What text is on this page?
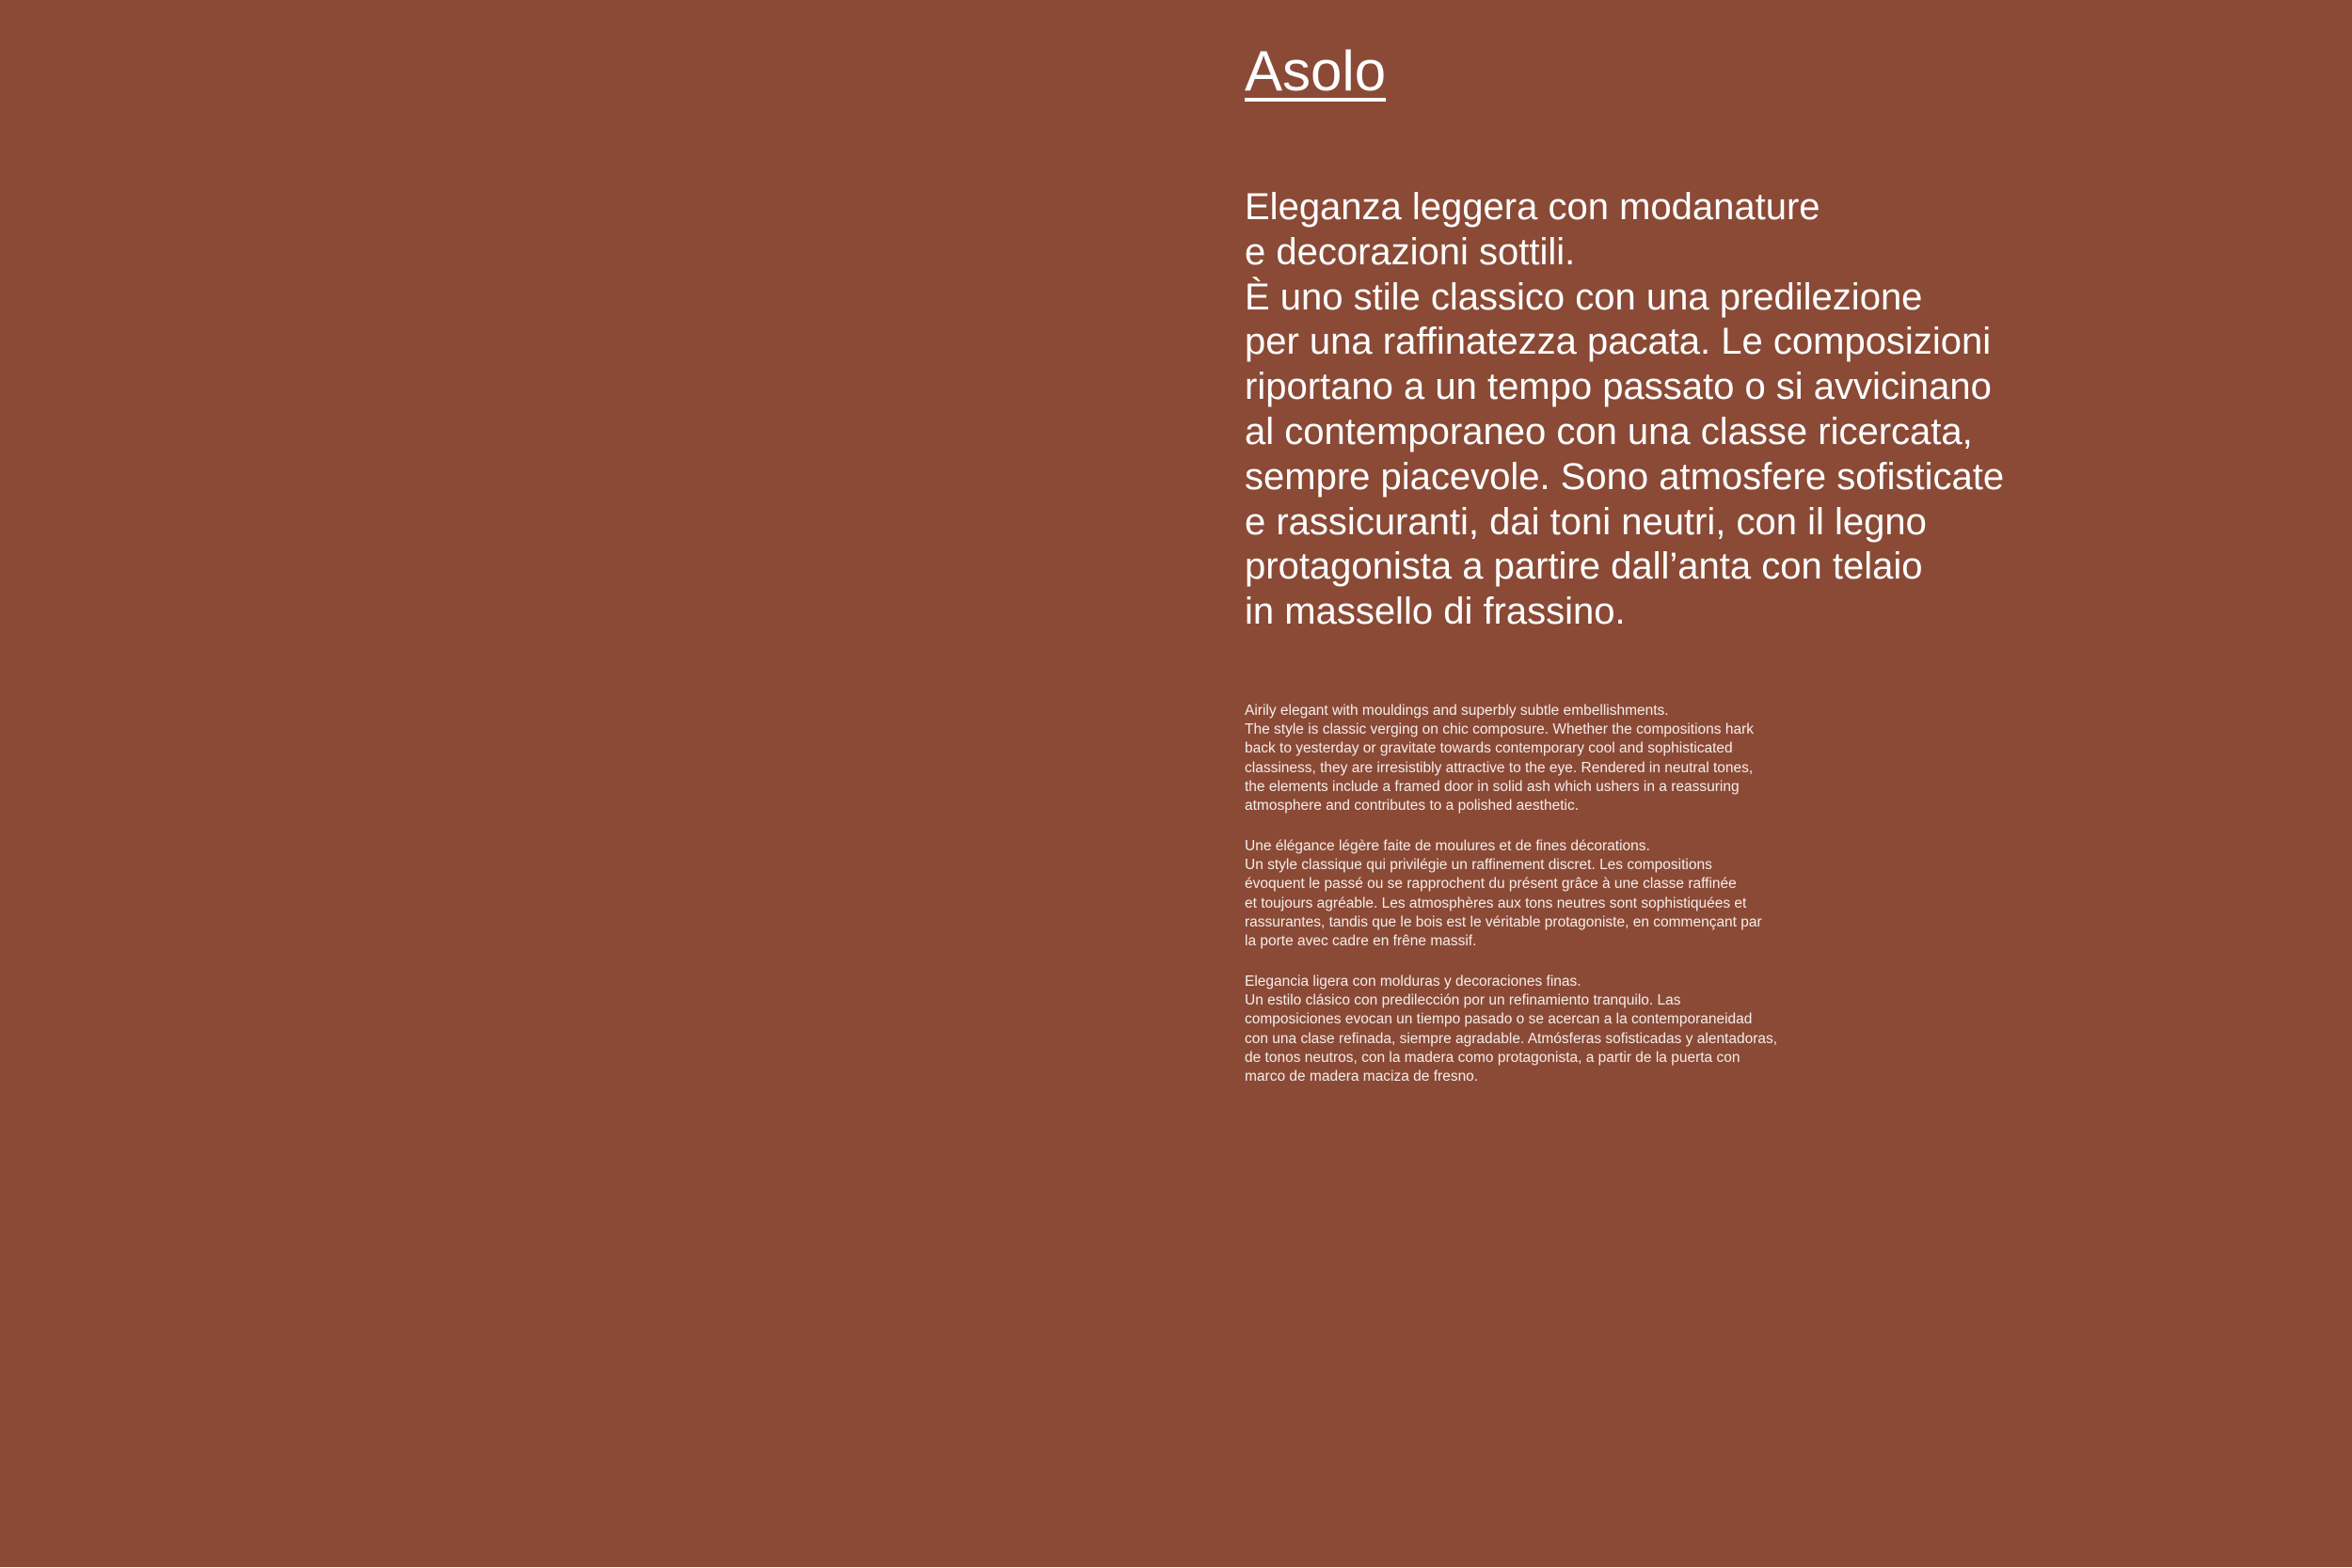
Asolo

Eleganza leggera con modanature
e decorazioni sottili.
È uno stile classico con una predilezione
per una raffinatezza pacata. Le composizioni
riportano a un tempo passato o si avvicinano
al contemporaneo con una classe ricercata,
sempre piacevole. Sono atmosfere sofisticate
e rassicuranti, dai toni neutri, con il legno
protagonista a partire dall’anta con telaio
in massello di frassino.

Airily elegant with mouldings and superbly subtle embellishments.
The style is classic verging on chic composure. Whether the compositions hark
back to yesterday or gravitate towards contemporary cool and sophisticated
classiness, they are irresistibly attractive to the eye. Rendered in neutral tones,
the elements include a framed door in solid ash which ushers in a reassuring
atmosphere and contributes to a polished aesthetic.

Une élégance légère faite de moulures et de fines décorations.
Un style classique qui privilégie un raffinement discret. Les compositions
évoquent le passé ou se rapprochent du présent grâce à une classe raffinée
et toujours agréable. Les atmosphères aux tons neutres sont sophistiquées et
rassurantes, tandis que le bois est le véritable protagoniste, en commençant par
la porte avec cadre en frêne massif.

Elegancia ligera con molduras y decoraciones finas.
Un estilo clásico con predilección por un refinamiento tranquilo. Las
composiciones evocan un tiempo pasado o se acercan a la contemporaneidad
con una clase refinada, siempre agradable. Atmósferas sofisticadas y alentadoras,
de tonos neutros, con la madera como protagonista, a partir de la puerta con
marco de madera maciza de fresno.
